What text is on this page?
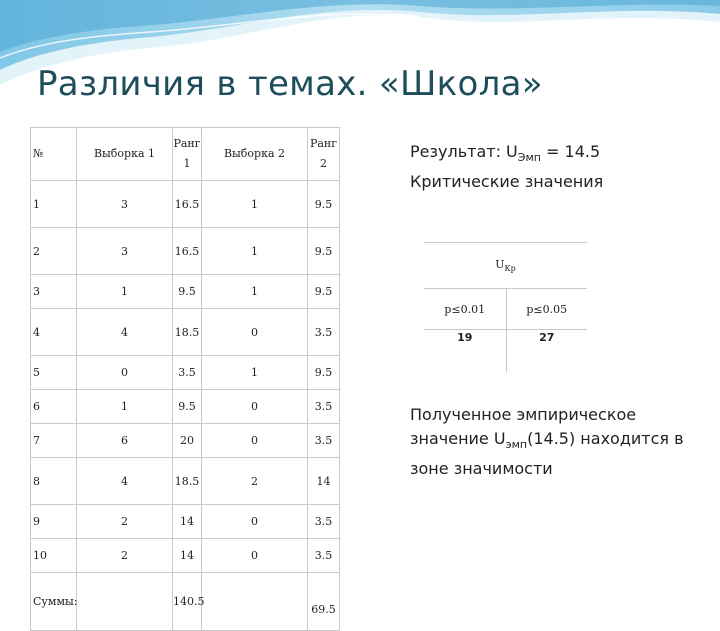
Различия в темах. «Школа»
№	Выборка 1	Ранг 1	Выборка 2	Ранг 2
1	3	16.5	1	9.5
2	3	16.5	1	9.5
3	1	9.5	1	9.5
4	4	18.5	0	3.5
5	0	3.5	1	9.5
6	1	9.5	0	3.5
7	6	20	0	3.5
8	4	18.5	2	14
9	2	14	0	3.5
10	2	14	0	3.5
Суммы:		140.5		69.5
Результат: $U_{Эмп} = 14.5$
Критические значения
$U_{Кр}$
p≤0.01	p≤0.05
19	27
Полученное эмпирическое значение $U_{эмп}(14.5)$ находится в зоне значимости
